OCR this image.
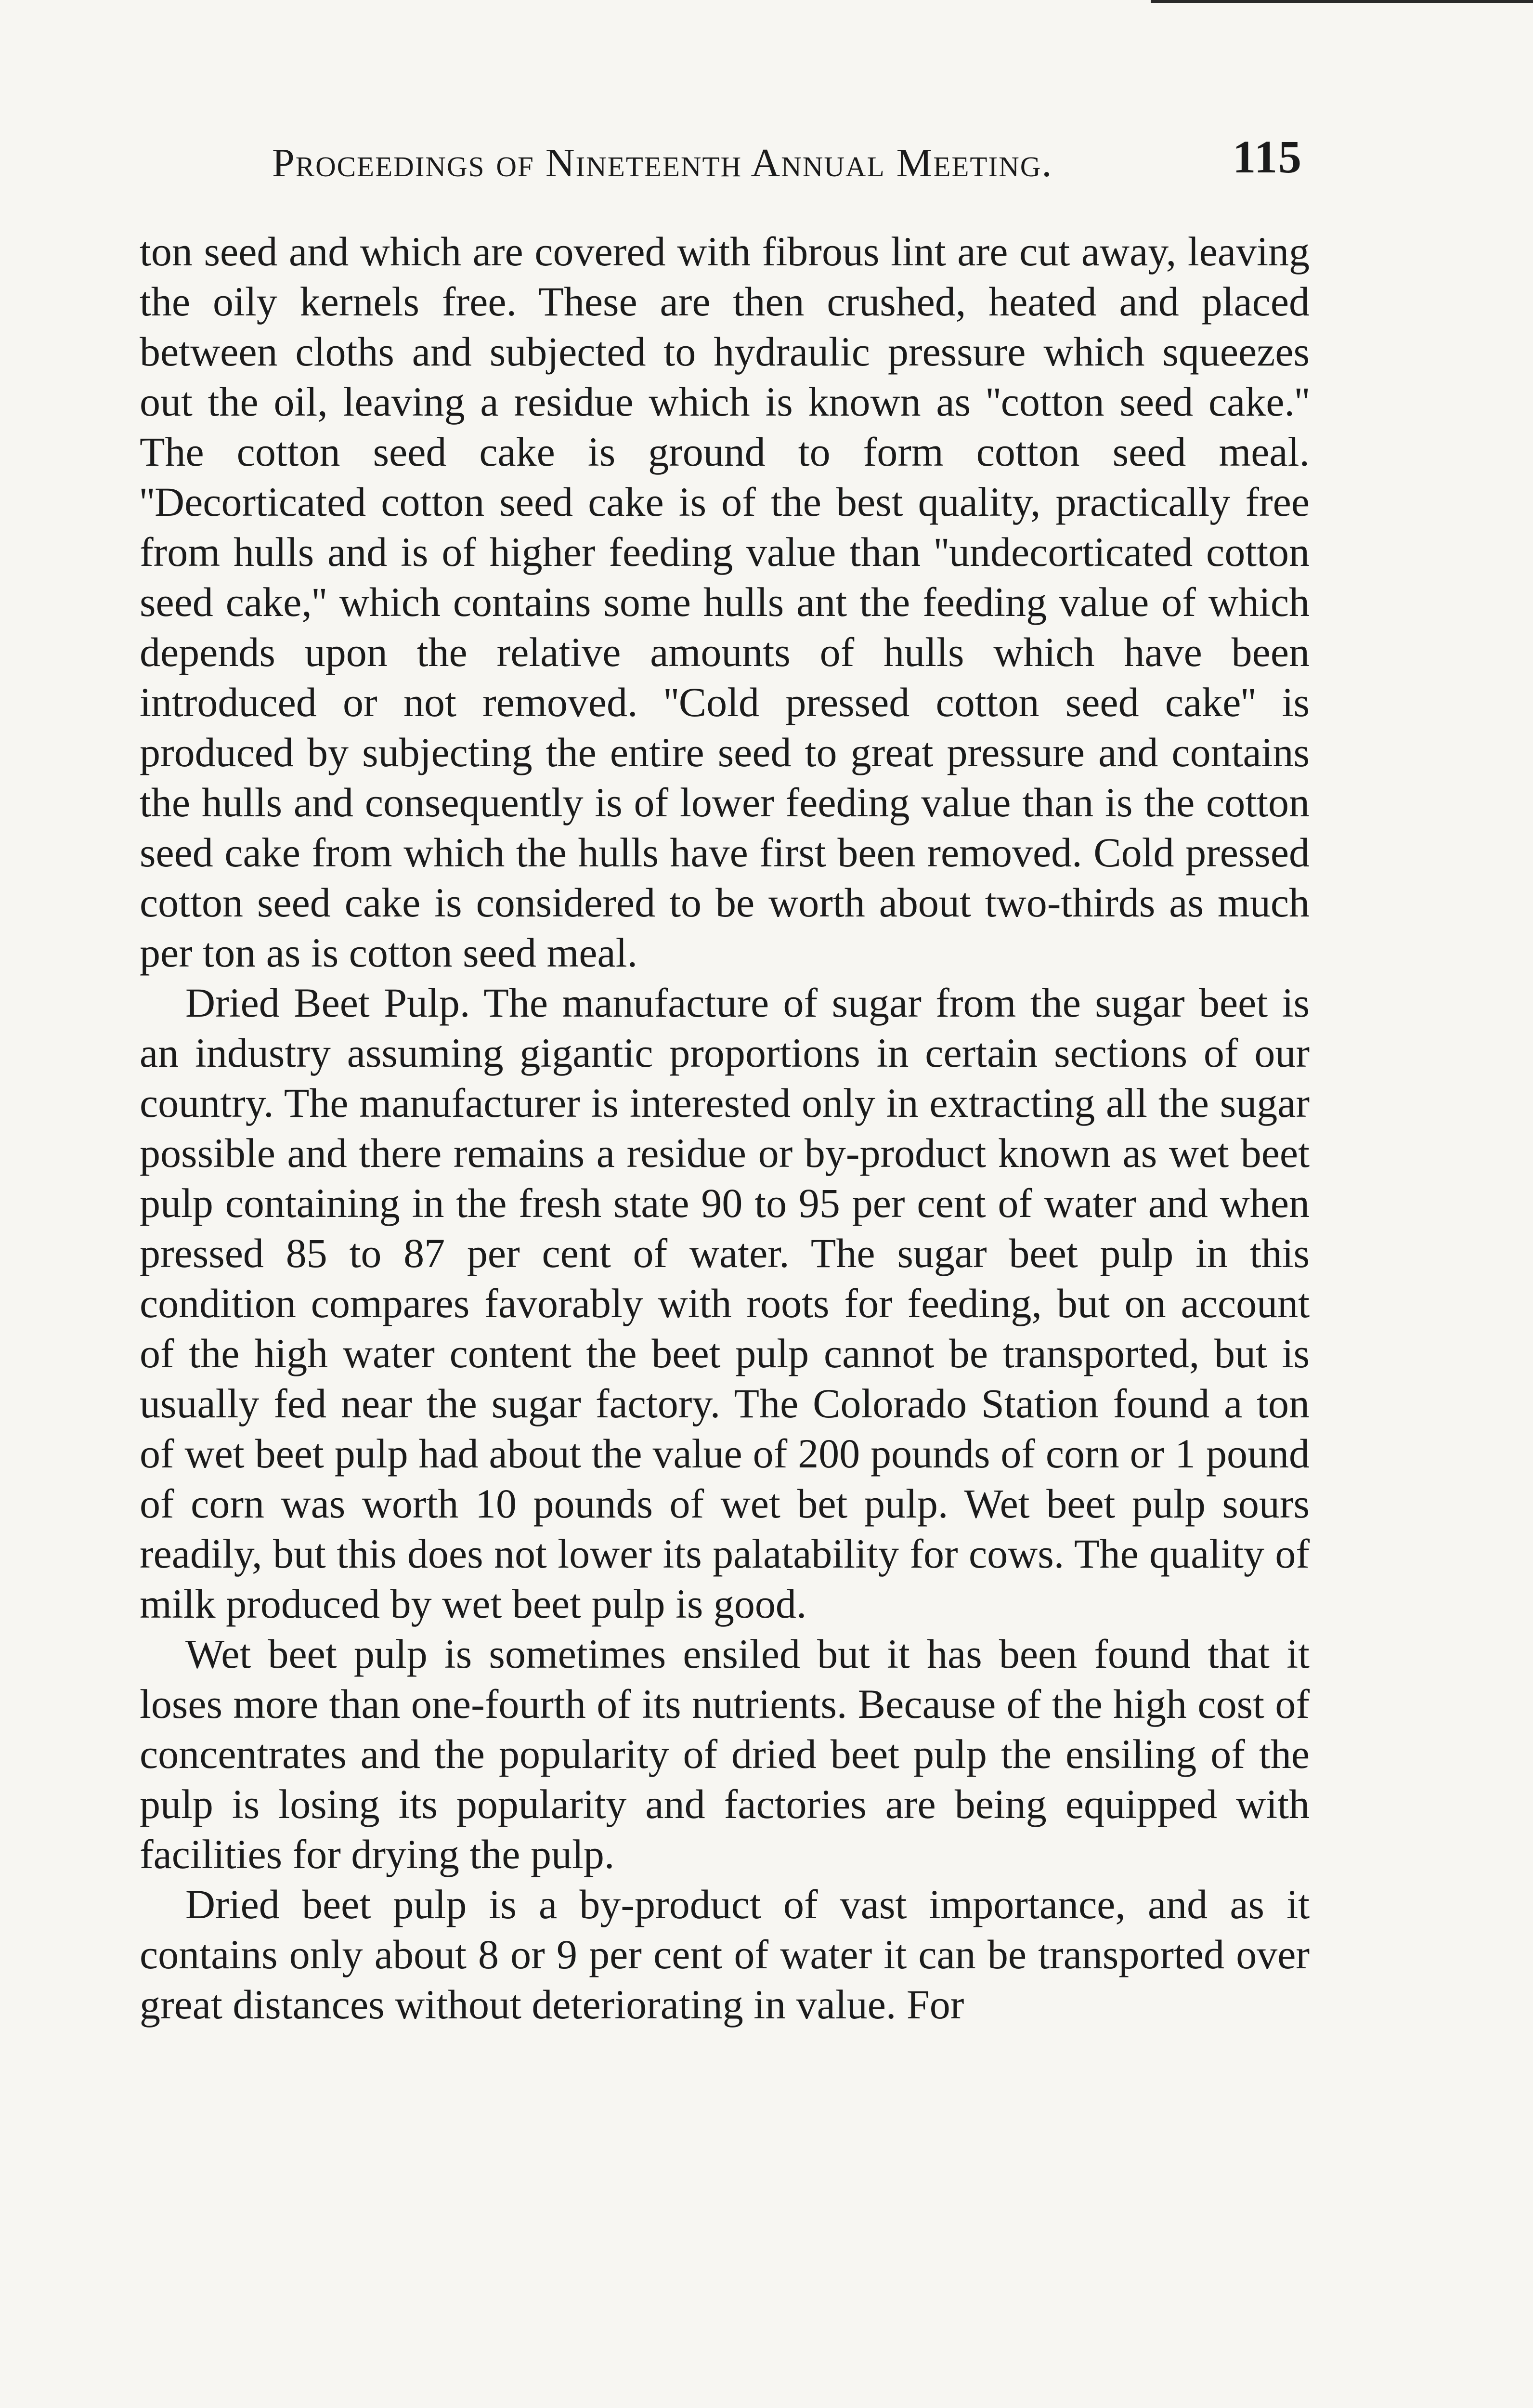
Proceedings of Nineteenth Annual Meeting.	115

ton seed and which are covered with fibrous lint are cut away, leaving the oily kernels free. These are then crushed, heated and placed between cloths and subjected to hydraulic pressure which squeezes out the oil, leaving a residue which is known as ''cotton seed cake.'' The cotton seed cake is ground to form cotton seed meal. ''Decorticated cotton seed cake is of the best quality, practically free from hulls and is of higher feeding value than ''undecorticated cotton seed cake,'' which contains some hulls ant the feeding value of which depends upon the relative amounts of hulls which have been introduced or not removed. ''Cold pressed cotton seed cake'' is produced by subjecting the entire seed to great pressure and contains the hulls and consequently is of lower feeding value than is the cotton seed cake from which the hulls have first been removed. Cold pressed cotton seed cake is considered to be worth about two-thirds as much per ton as is cotton seed meal.

Dried Beet Pulp. The manufacture of sugar from the sugar beet is an industry assuming gigantic proportions in certain sections of our country. The manufacturer is interested only in extracting all the sugar possible and there remains a residue or by-product known as wet beet pulp containing in the fresh state 90 to 95 per cent of water and when pressed 85 to 87 per cent of water. The sugar beet pulp in this condition compares favorably with roots for feeding, but on account of the high water content the beet pulp cannot be transported, but is usually fed near the sugar factory. The Colorado Station found a ton of wet beet pulp had about the value of 200 pounds of corn or 1 pound of corn was worth 10 pounds of wet bet pulp. Wet beet pulp sours readily, but this does not lower its palatability for cows. The quality of milk produced by wet beet pulp is good.

Wet beet pulp is sometimes ensiled but it has been found that it loses more than one-fourth of its nutrients. Because of the high cost of concentrates and the popularity of dried beet pulp the ensiling of the pulp is losing its popularity and factories are being equipped with facilities for drying the pulp.

Dried beet pulp is a by-product of vast importance, and as it contains only about 8 or 9 per cent of water it can be transported over great distances without deteriorating in value. For
